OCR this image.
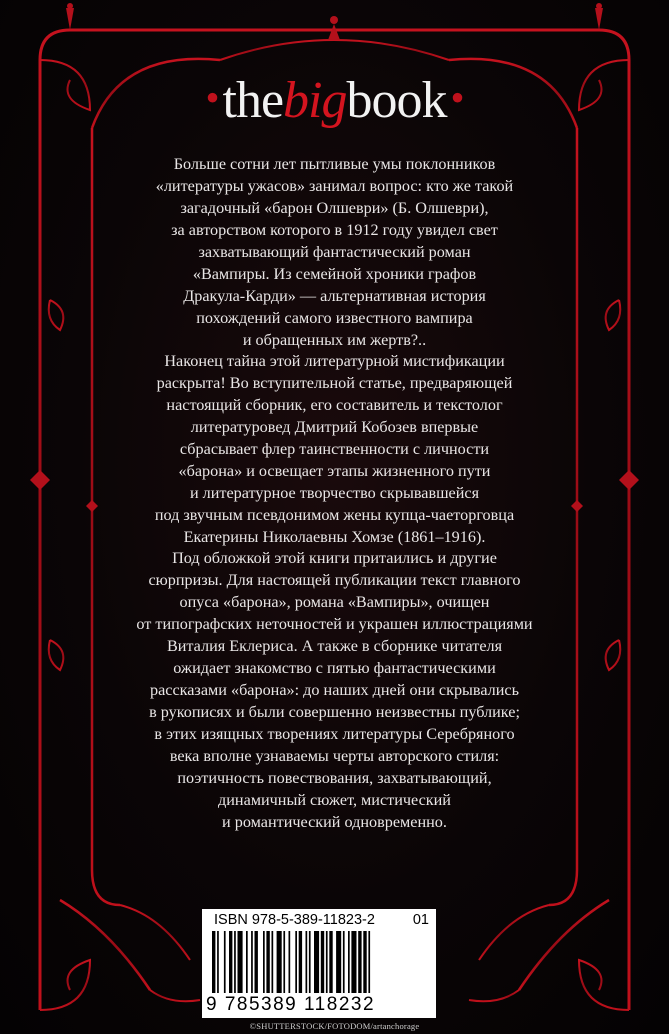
•thebigbook •
Больше сотни лет пытливые умы поклонников
«литературы ужасов» занимал вопрос: кто же такой
загадочный «барон Олшеври» (Б. Олшеври),
за авторством которого в 1912 году увидел свет
захватывающий фантастический роман
«Вампиры. Из семейной хроники графов
Дракула-Карди» — альтернативная история
похождений самого известного вампира
и обращенных им жертв?..
Наконец тайна этой литературной мистификации
раскрыта! Во вступительной статье, предваряющей
настоящий сборник, его составитель и текстолог
литературовед Дмитрий Кобозев впервые
сбрасывает флер таинственности с личности
«барона» и освещает этапы жизненного пути
и литературное творчество скрывавшейся
под звучным псевдонимом жены купца-чаеторговца
Екатерины Николаевны Хомзе (1861–1916).
Под обложкой этой книги притаились и другие
сюрпризы. Для настоящей публикации текст главного
опуса «барона», романа «Вампиры», очищен
от типографских неточностей и украшен иллюстрациями
Виталия Еклериса. А также в сборнике читателя
ожидает знакомство с пятью фантастическими
рассказами «барона»: до наших дней они скрывались
в рукописях и были совершенно неизвестны публике;
в этих изящных творениях литературы Серебряного
века вполне узнаваемы черты авторского стиля:
поэтичность повествования, захватывающий,
динамичный сюжет, мистический
и романтический одновременно.
ISBN 978-5-389-11823-2	01
9 785389 118232
©SHUTTERSTOCK/FOTODOM/artanchorage
